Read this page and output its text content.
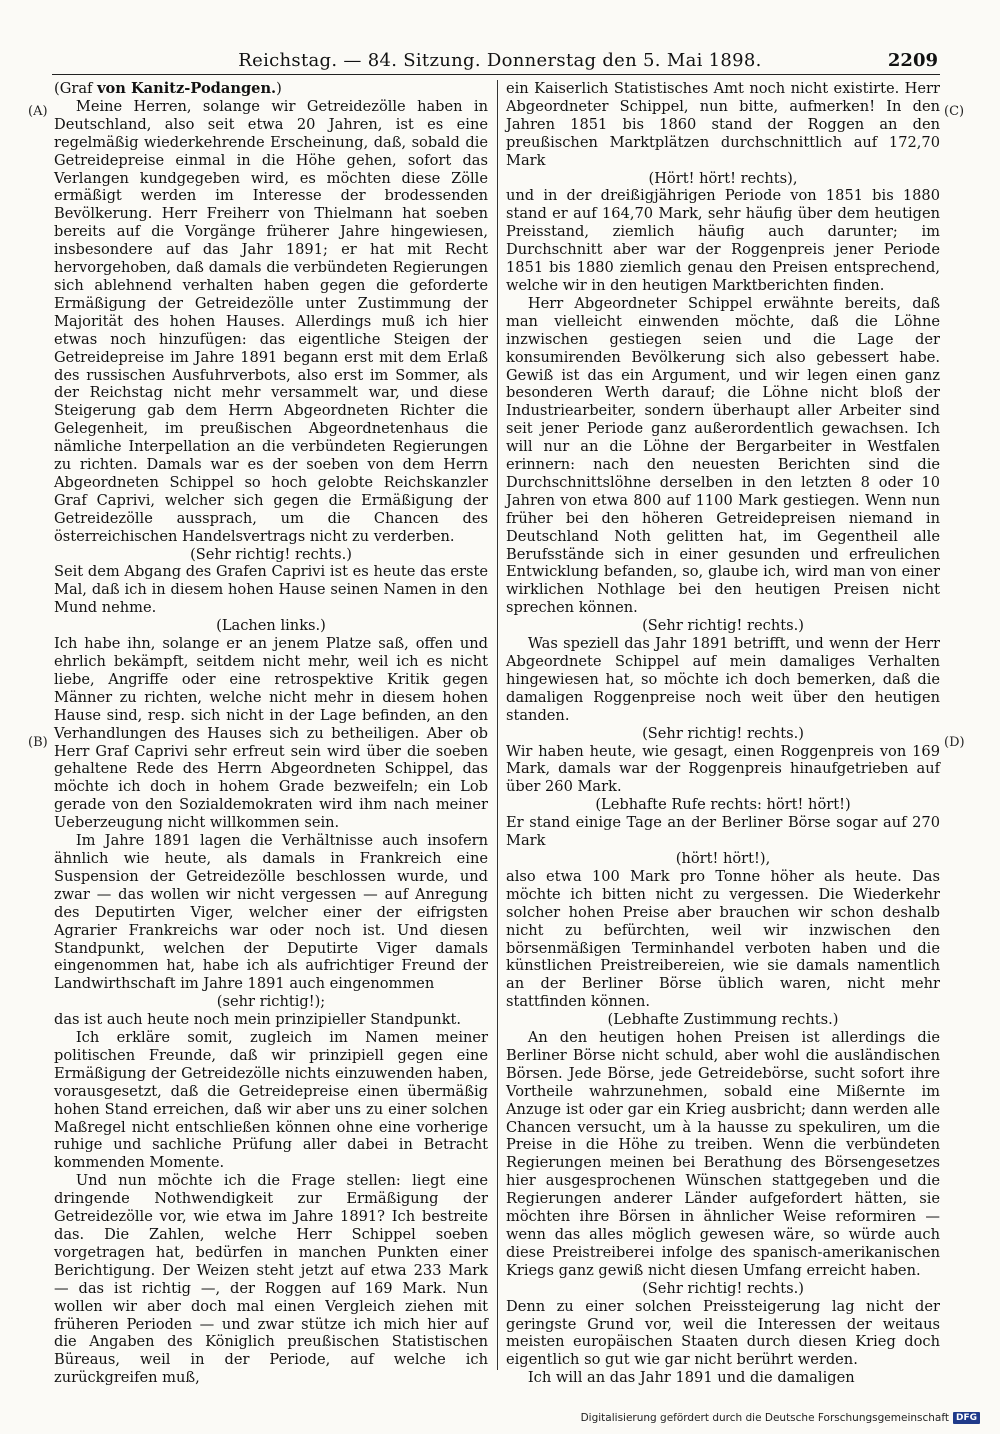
Reichstag. — 84. Sitzung. Donnerstag den 5. Mai 1898.	2209
(A)
(B)
(C)
(D)
(Graf von Kanitz-Podangen.)

Meine Herren, solange wir Getreidezölle haben in Deutschland, also seit etwa 20 Jahren, ist es eine regelmäßig wiederkehrende Erscheinung, daß, sobald die Getreidepreise einmal in die Höhe gehen, sofort das Verlangen kundgegeben wird, es möchten diese Zölle ermäßigt werden im Interesse der brodessenden Bevölkerung. Herr Freiherr von Thielmann hat soeben bereits auf die Vorgänge früherer Jahre hingewiesen, insbesondere auf das Jahr 1891; er hat mit Recht hervorgehoben, daß damals die verbündeten Regierungen sich ablehnend verhalten haben gegen die geforderte Ermäßigung der Getreidezölle unter Zustimmung der Majorität des hohen Hauses. Allerdings muß ich hier etwas noch hinzufügen: das eigentliche Steigen der Getreidepreise im Jahre 1891 begann erst mit dem Erlaß des russischen Ausfuhrverbots, also erst im Sommer, als der Reichstag nicht mehr versammelt war, und diese Steigerung gab dem Herrn Abgeordneten Richter die Gelegenheit, im preußischen Abgeordnetenhaus die nämliche Interpellation an die verbündeten Regierungen zu richten. Damals war es der soeben von dem Herrn Abgeordneten Schippel so hoch gelobte Reichskanzler Graf Caprivi, welcher sich gegen die Ermäßigung der Getreidezölle aussprach, um die Chancen des österreichischen Handelsvertrags nicht zu verderben.

(Sehr richtig! rechts.)

Seit dem Abgang des Grafen Caprivi ist es heute das erste Mal, daß ich in diesem hohen Hause seinen Namen in den Mund nehme.

(Lachen links.)

Ich habe ihn, solange er an jenem Platze saß, offen und ehrlich bekämpft, seitdem nicht mehr, weil ich es nicht liebe, Angriffe oder eine retrospektive Kritik gegen Männer zu richten, welche nicht mehr in diesem hohen Hause sind, resp. sich nicht in der Lage befinden, an den Verhandlungen des Hauses sich zu betheiligen. Aber ob Herr Graf Caprivi sehr erfreut sein wird über die soeben gehaltene Rede des Herrn Abgeordneten Schippel, das möchte ich doch in hohem Grade bezweifeln; ein Lob gerade von den Sozialdemokraten wird ihm nach meiner Ueberzeugung nicht willkommen sein.

Im Jahre 1891 lagen die Verhältnisse auch insofern ähnlich wie heute, als damals in Frankreich eine Suspension der Getreidezölle beschlossen wurde, und zwar — das wollen wir nicht vergessen — auf Anregung des Deputirten Viger, welcher einer der eifrigsten Agrarier Frankreichs war oder noch ist. Und diesen Standpunkt, welchen der Deputirte Viger damals eingenommen hat, habe ich als aufrichtiger Freund der Landwirthschaft im Jahre 1891 auch eingenommen

(sehr richtig!);

das ist auch heute noch mein prinzipieller Standpunkt.

Ich erkläre somit, zugleich im Namen meiner politischen Freunde, daß wir prinzipiell gegen eine Ermäßigung der Getreidezölle nichts einzuwenden haben, vorausgesetzt, daß die Getreidepreise einen übermäßig hohen Stand erreichen, daß wir aber uns zu einer solchen Maßregel nicht entschließen können ohne eine vorherige ruhige und sachliche Prüfung aller dabei in Betracht kommenden Momente.

Und nun möchte ich die Frage stellen: liegt eine dringende Nothwendigkeit zur Ermäßigung der Getreidezölle vor, wie etwa im Jahre 1891? Ich bestreite das. Die Zahlen, welche Herr Schippel soeben vorgetragen hat, bedürfen in manchen Punkten einer Berichtigung. Der Weizen steht jetzt auf etwa 233 Mark — das ist richtig —, der Roggen auf 169 Mark. Nun wollen wir aber doch mal einen Vergleich ziehen mit früheren Perioden — und zwar stütze ich mich hier auf die Angaben des Königlich preußischen Statistischen Büreaus, weil in der Periode, auf welche ich zurückgreifen muß,

ein Kaiserlich Statistisches Amt noch nicht existirte. Herr Abgeordneter Schippel, nun bitte, aufmerken! In den Jahren 1851 bis 1860 stand der Roggen an den preußischen Marktplätzen durchschnittlich auf 172,70 Mark

(Hört! hört! rechts),

und in der dreißigjährigen Periode von 1851 bis 1880 stand er auf 164,70 Mark, sehr häufig über dem heutigen Preisstand, ziemlich häufig auch darunter; im Durchschnitt aber war der Roggenpreis jener Periode 1851 bis 1880 ziemlich genau den Preisen entsprechend, welche wir in den heutigen Marktberichten finden.

Herr Abgeordneter Schippel erwähnte bereits, daß man vielleicht einwenden möchte, daß die Löhne inzwischen gestiegen seien und die Lage der konsumirenden Bevölkerung sich also gebessert habe. Gewiß ist das ein Argument, und wir legen einen ganz besonderen Werth darauf; die Löhne nicht bloß der Industriearbeiter, sondern überhaupt aller Arbeiter sind seit jener Periode ganz außerordentlich gewachsen. Ich will nur an die Löhne der Bergarbeiter in Westfalen erinnern: nach den neuesten Berichten sind die Durchschnittslöhne derselben in den letzten 8 oder 10 Jahren von etwa 800 auf 1100 Mark gestiegen. Wenn nun früher bei den höheren Getreidepreisen niemand in Deutschland Noth gelitten hat, im Gegentheil alle Berufsstände sich in einer gesunden und erfreulichen Entwicklung befanden, so, glaube ich, wird man von einer wirklichen Nothlage bei den heutigen Preisen nicht sprechen können.

(Sehr richtig! rechts.)

Was speziell das Jahr 1891 betrifft, und wenn der Herr Abgeordnete Schippel auf mein damaliges Verhalten hingewiesen hat, so möchte ich doch bemerken, daß die damaligen Roggenpreise noch weit über den heutigen standen.

(Sehr richtig! rechts.)

Wir haben heute, wie gesagt, einen Roggenpreis von 169 Mark, damals war der Roggenpreis hinaufgetrieben auf über 260 Mark.

(Lebhafte Rufe rechts: hört! hört!)

Er stand einige Tage an der Berliner Börse sogar auf 270 Mark

(hört! hört!),

also etwa 100 Mark pro Tonne höher als heute. Das möchte ich bitten nicht zu vergessen. Die Wiederkehr solcher hohen Preise aber brauchen wir schon deshalb nicht zu befürchten, weil wir inzwischen den börsenmäßigen Terminhandel verboten haben und die künstlichen Preistreibereien, wie sie damals namentlich an der Berliner Börse üblich waren, nicht mehr stattfinden können.

(Lebhafte Zustimmung rechts.)

An den heutigen hohen Preisen ist allerdings die Berliner Börse nicht schuld, aber wohl die ausländischen Börsen. Jede Börse, jede Getreidebörse, sucht sofort ihre Vortheile wahrzunehmen, sobald eine Mißernte im Anzuge ist oder gar ein Krieg ausbricht; dann werden alle Chancen versucht, um à la hausse zu spekuliren, um die Preise in die Höhe zu treiben. Wenn die verbündeten Regierungen meinen bei Berathung des Börsengesetzes hier ausgesprochenen Wünschen stattgegeben und die Regierungen anderer Länder aufgefordert hätten, sie möchten ihre Börsen in ähnlicher Weise reformiren — wenn das alles möglich gewesen wäre, so würde auch diese Preistreiberei infolge des spanisch-amerikanischen Kriegs ganz gewiß nicht diesen Umfang erreicht haben.

(Sehr richtig! rechts.)

Denn zu einer solchen Preissteigerung lag nicht der geringste Grund vor, weil die Interessen der weitaus meisten europäischen Staaten durch diesen Krieg doch eigentlich so gut wie gar nicht berührt werden.

Ich will an das Jahr 1891 und die damaligen

Digitalisierung gefördert durch die Deutsche Forschungsgemeinschaft DFG
